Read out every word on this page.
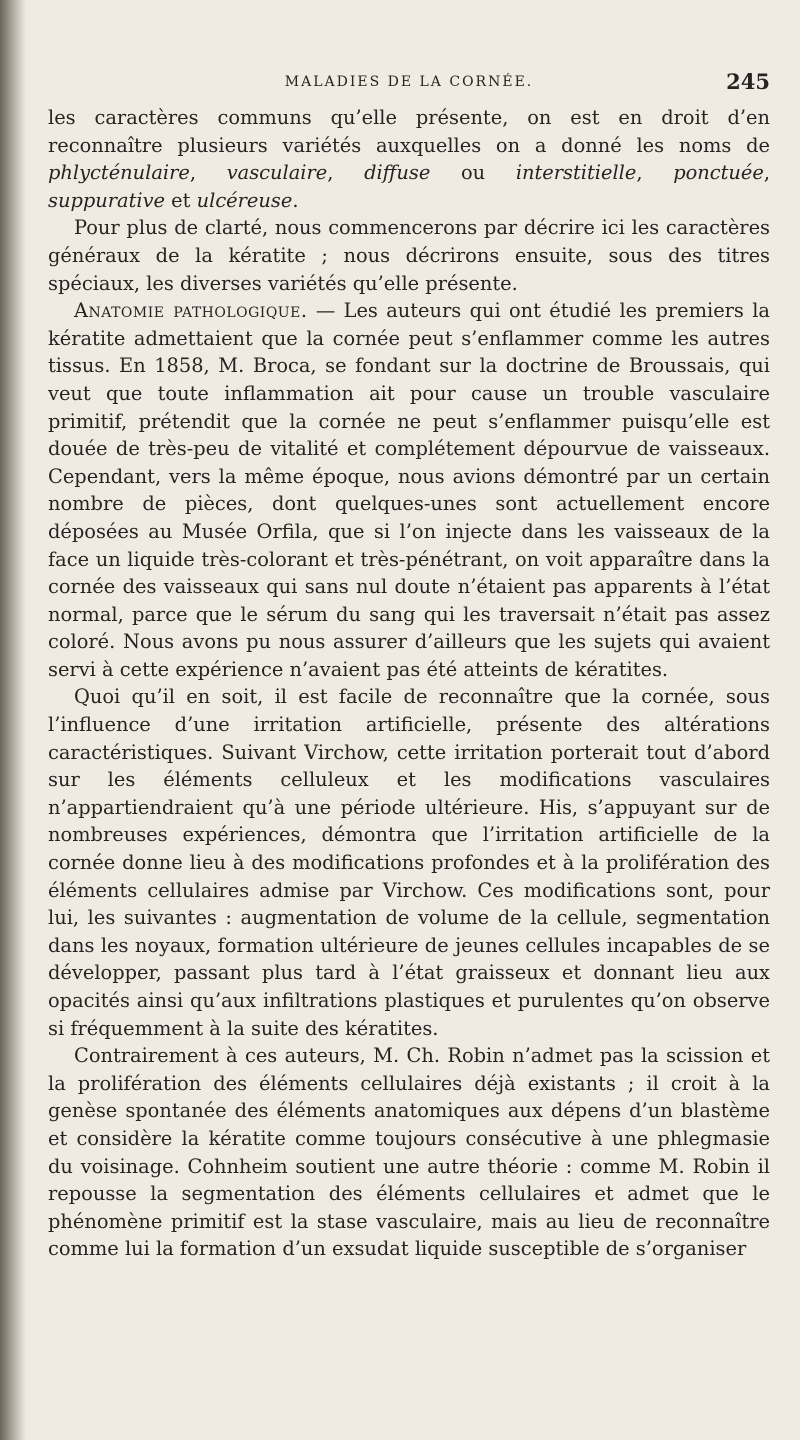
MALADIES DE LA CORNÉE.	245

les caractères communs qu’elle présente, on est en droit d’en reconnaître plusieurs variétés auxquelles on a donné les noms de phlycténulaire, vasculaire, diffuse ou interstitielle, ponctuée, suppurative et ulcéreuse.

Pour plus de clarté, nous commencerons par décrire ici les caractères généraux de la kératite ; nous décrirons ensuite, sous des titres spéciaux, les diverses variétés qu’elle présente.

Anatomie pathologique. — Les auteurs qui ont étudié les premiers la kératite admettaient que la cornée peut s’enflammer comme les autres tissus. En 1858, M. Broca, se fondant sur la doctrine de Broussais, qui veut que toute inflammation ait pour cause un trouble vasculaire primitif, prétendit que la cornée ne peut s’enflammer puisqu’elle est douée de très-peu de vitalité et complétement dépourvue de vaisseaux. Cependant, vers la même époque, nous avions démontré par un certain nombre de pièces, dont quelques-unes sont actuellement encore déposées au Musée Orfila, que si l’on injecte dans les vaisseaux de la face un liquide très-colorant et très-pénétrant, on voit apparaître dans la cornée des vaisseaux qui sans nul doute n’étaient pas apparents à l’état normal, parce que le sérum du sang qui les traversait n’était pas assez coloré. Nous avons pu nous assurer d’ailleurs que les sujets qui avaient servi à cette expérience n’avaient pas été atteints de kératites.

Quoi qu’il en soit, il est facile de reconnaître que la cornée, sous l’influence d’une irritation artificielle, présente des altérations caractéristiques. Suivant Virchow, cette irritation porterait tout d’abord sur les éléments celluleux et les modifications vasculaires n’appartiendraient qu’à une période ultérieure. His, s’appuyant sur de nombreuses expériences, démontra que l’irritation artificielle de la cornée donne lieu à des modifications profondes et à la prolifération des éléments cellulaires admise par Virchow. Ces modifications sont, pour lui, les suivantes : augmentation de volume de la cellule, segmentation dans les noyaux, formation ultérieure de jeunes cellules incapables de se développer, passant plus tard à l’état graisseux et donnant lieu aux opacités ainsi qu’aux infiltrations plastiques et purulentes qu’on observe si fréquemment à la suite des kératites.

Contrairement à ces auteurs, M. Ch. Robin n’admet pas la scission et la prolifération des éléments cellulaires déjà existants ; il croit à la genèse spontanée des éléments anatomiques aux dépens d’un blastème et considère la kératite comme toujours consécutive à une phlegmasie du voisinage. Cohnheim soutient une autre théorie : comme M. Robin il repousse la segmentation des éléments cellulaires et admet que le phénomène primitif est la stase vasculaire, mais au lieu de reconnaître comme lui la formation d’un exsudat liquide susceptible de s’organiser
